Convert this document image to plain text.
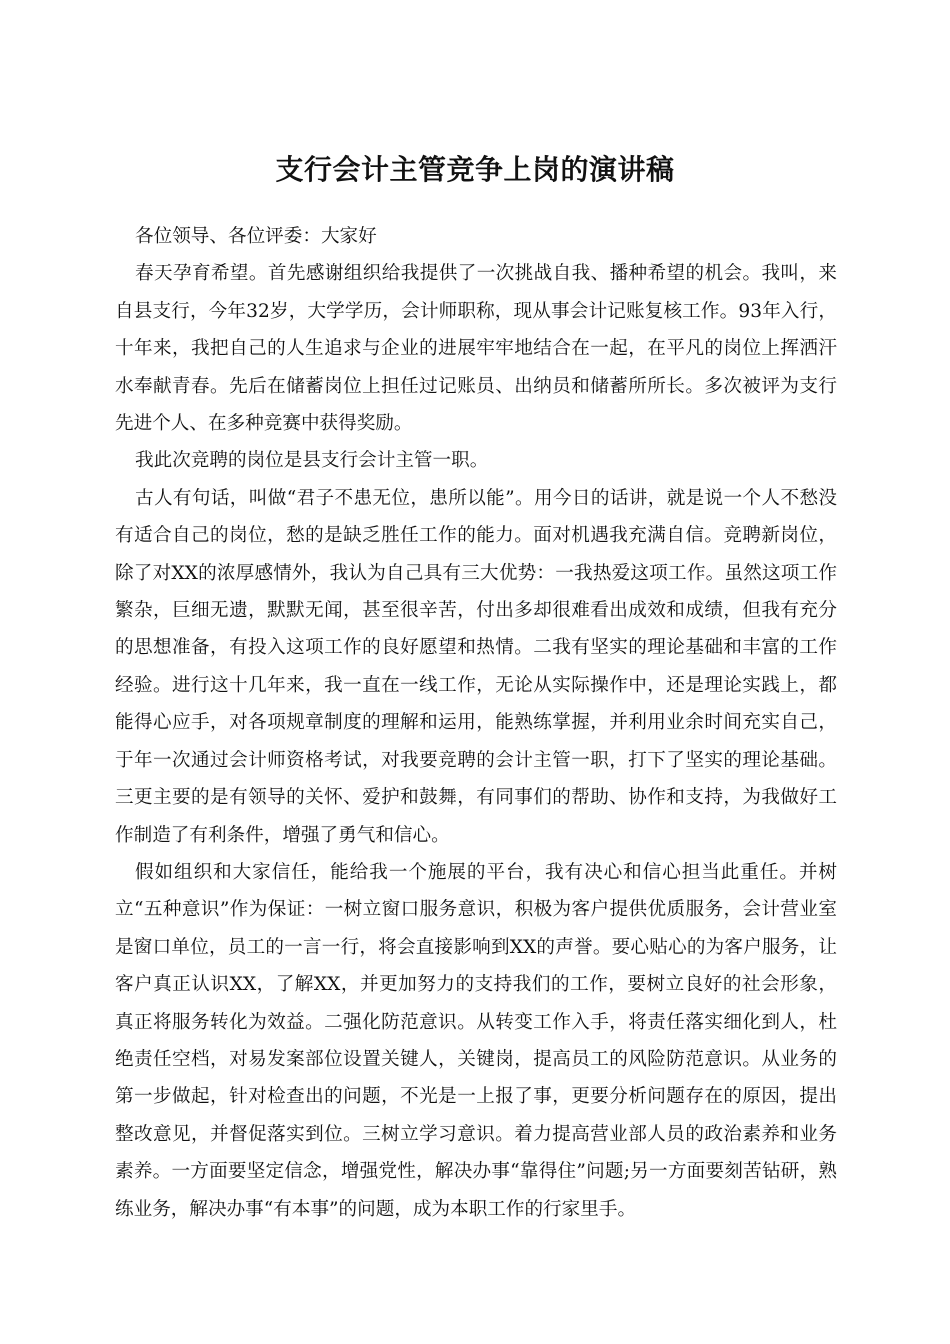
支行会计主管竞争上岗的演讲稿

各位领导、各位评委：大家好

春天孕育希望。首先感谢组织给我提供了一次挑战自我、播种希望的机会。我叫，来自县支行，今年32岁，大学学历，会计师职称，现从事会计记账复核工作。93年入行，十年来，我把自己的人生追求与企业的进展牢牢地结合在一起，在平凡的岗位上挥洒汗水奉献青春。先后在储蓄岗位上担任过记账员、出纳员和储蓄所所长。多次被评为支行先进个人、在多种竞赛中获得奖励。

我此次竞聘的岗位是县支行会计主管一职。

古人有句话，叫做“君子不患无位，患所以能”。用今日的话讲，就是说一个人不愁没有适合自己的岗位，愁的是缺乏胜任工作的能力。面对机遇我充满自信。竞聘新岗位，除了对XX的浓厚感情外，我认为自己具有三大优势：一我热爱这项工作。虽然这项工作繁杂，巨细无遗，默默无闻，甚至很辛苦，付出多却很难看出成效和成绩，但我有充分的思想准备，有投入这项工作的良好愿望和热情。二我有坚实的理论基础和丰富的工作经验。进行这十几年来，我一直在一线工作，无论从实际操作中，还是理论实践上，都能得心应手，对各项规章制度的理解和运用，能熟练掌握，并利用业余时间充实自己，于年一次通过会计师资格考试，对我要竞聘的会计主管一职，打下了坚实的理论基础。三更主要的是有领导的关怀、爱护和鼓舞，有同事们的帮助、协作和支持，为我做好工作制造了有利条件，增强了勇气和信心。

假如组织和大家信任，能给我一个施展的平台，我有决心和信心担当此重任。并树立“五种意识”作为保证：一树立窗口服务意识，积极为客户提供优质服务，会计营业室是窗口单位，员工的一言一行，将会直接影响到XX的声誉。要心贴心的为客户服务，让客户真正认识XX，了解XX，并更加努力的支持我们的工作，要树立良好的社会形象，真正将服务转化为效益。二强化防范意识。从转变工作入手，将责任落实细化到人，杜绝责任空档，对易发案部位设置关键人，关键岗，提高员工的风险防范意识。从业务的第一步做起，针对检查出的问题，不光是一上报了事，更要分析问题存在的原因，提出整改意见，并督促落实到位。三树立学习意识。着力提高营业部人员的政治素养和业务素养。一方面要坚定信念，增强党性，解决办事“靠得住”问题;另一方面要刻苦钻研，熟练业务，解决办事“有本事”的问题，成为本职工作的行家里手。
